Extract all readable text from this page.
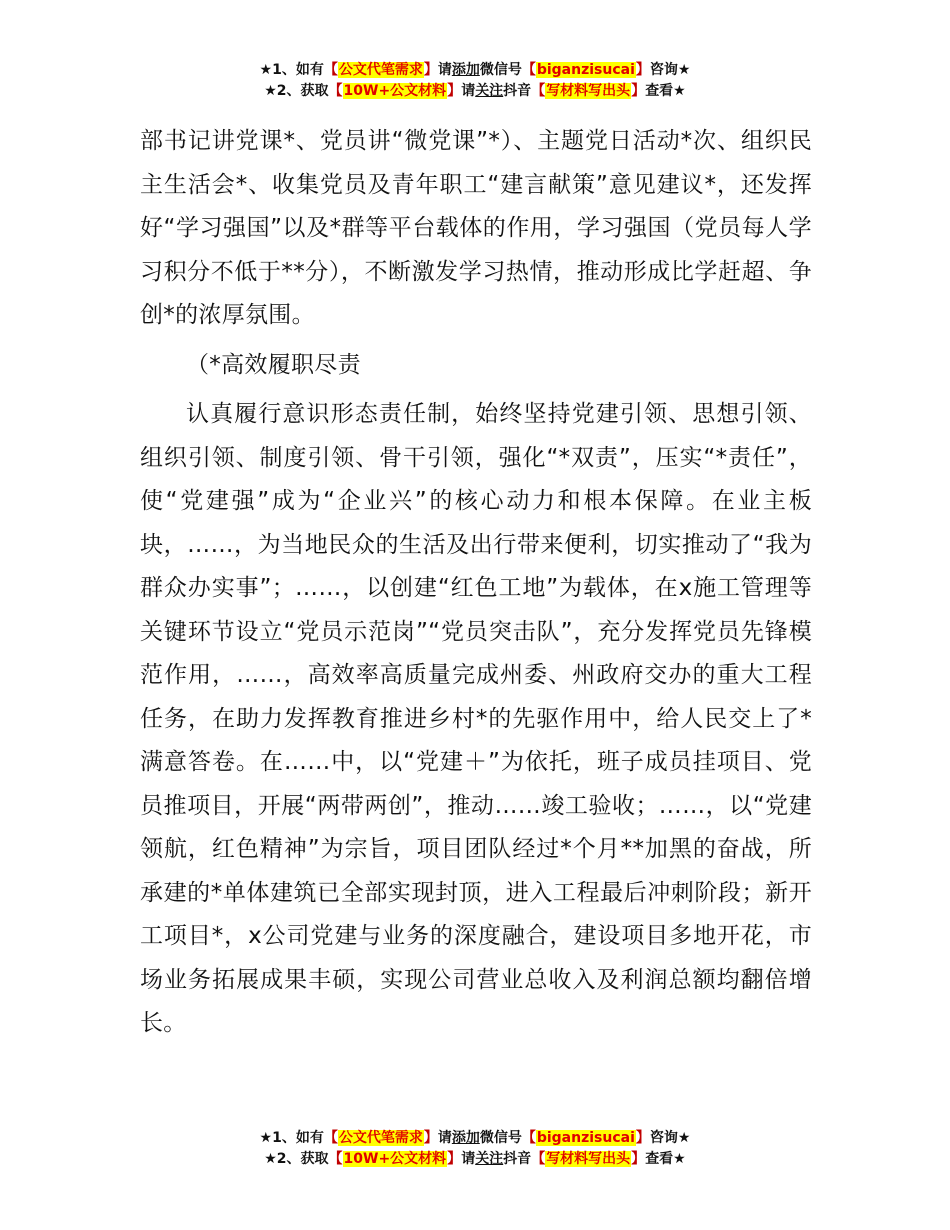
★1、如有【公文代笔需求】请添加微信号【biganzisucai】咨询★
★2、获取【10W+公文材料】请关注抖音【写材料写出头】查看★

部书记讲党课*、党员讲“微党课”*）、主题党日活动*次、组织民主生活会*、收集党员及青年职工“建言献策”意见建议*，还发挥好“学习强国”以及*群等平台载体的作用，学习强国（党员每人学习积分不低于**分），不断激发学习热情，推动形成比学赶超、争创*的浓厚氛围。

（*高效履职尽责

认真履行意识形态责任制，始终坚持党建引领、思想引领、组织引领、制度引领、骨干引领，强化“*双责”，压实“*责任”，使“党建强”成为“企业兴”的核心动力和根本保障。在业主板块，……，为当地民众的生活及出行带来便利，切实推动了“我为群众办实事”；……，以创建“红色工地”为载体，在x施工管理等关键环节设立“党员示范岗”“党员突击队”，充分发挥党员先锋模范作用，……，高效率高质量完成州委、州政府交办的重大工程任务，在助力发挥教育推进乡村*的先驱作用中，给人民交上了*满意答卷。在……中，以“党建＋”为依托，班子成员挂项目、党员推项目，开展“两带两创”，推动……竣工验收；……，以“党建领航，红色精神”为宗旨，项目团队经过*个月**加黑的奋战，所承建的*单体建筑已全部实现封顶，进入工程最后冲刺阶段；新开工项目*，x公司党建与业务的深度融合，建设项目多地开花，市场业务拓展成果丰硕，实现公司营业总收入及利润总额均翻倍增长。

★1、如有【公文代笔需求】请添加微信号【biganzisucai】咨询★
★2、获取【10W+公文材料】请关注抖音【写材料写出头】查看★
